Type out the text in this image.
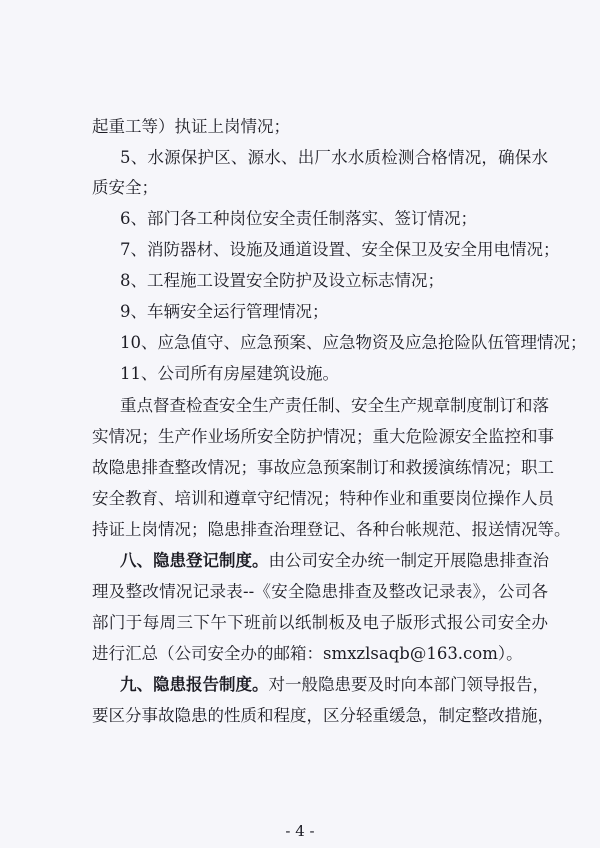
起重工等）执证上岗情况；
5、水源保护区、源水、出厂水水质检测合格情况，确保水
质安全；
6、部门各工种岗位安全责任制落实、签订情况；
7、消防器材、设施及通道设置、安全保卫及安全用电情况；
8、工程施工设置安全防护及设立标志情况；
9、车辆安全运行管理情况；
10、应急值守、应急预案、应急物资及应急抢险队伍管理情况；
11、公司所有房屋建筑设施。
重点督查检查安全生产责任制、安全生产规章制度制订和落
实情况；生产作业场所安全防护情况；重大危险源安全监控和事
故隐患排查整改情况；事故应急预案制订和救援演练情况；职工
安全教育、培训和遵章守纪情况；特种作业和重要岗位操作人员
持证上岗情况；隐患排查治理登记、各种台帐规范、报送情况等。
八、隐患登记制度。 由公司安全办统一制定开展隐患排查治
理及整改情况记录表--《安全隐患排查及整改记录表》，公司各
部门于每周三下午下班前以纸制板及电子版形式报公司安全办
进行汇总（公司安全办的邮箱：smxzlsaqb@163.com）。
九、隐患报告制度。 对一般隐患要及时向本部门领导报告，
要区分事故隐患的性质和程度，区分轻重缓急，制定整改措施，
- 4 -
